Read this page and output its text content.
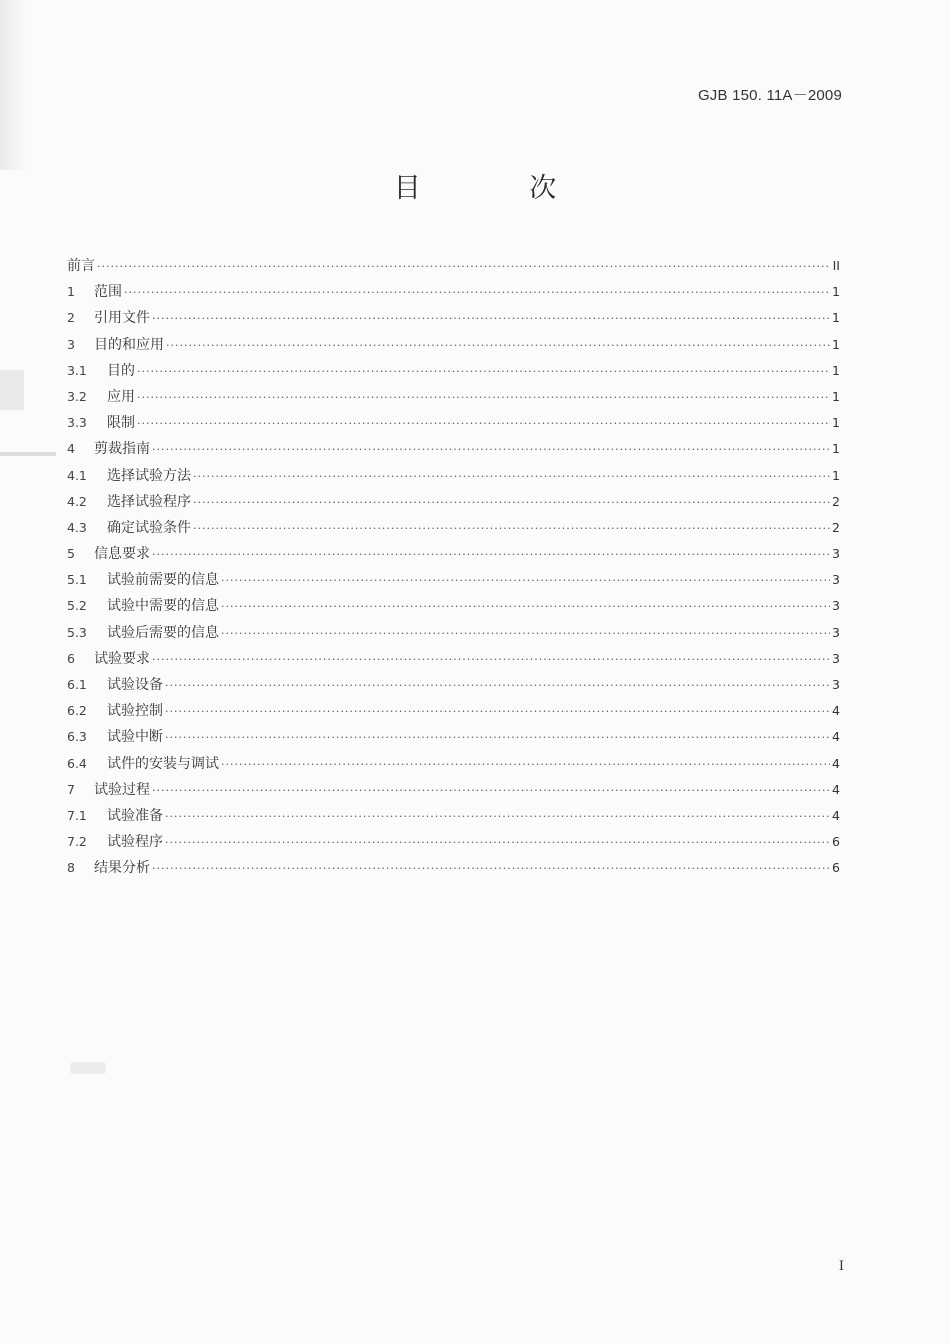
GJB 150. 11A－2009
目 次
前言 ·····	II
1	范围 ·····	1
2	引用文件 ·····	1
3	目的和应用 ·····	1
3.1	目的 ·····	1
3.2	应用 ·····	1
3.3	限制 ·····	1
4	剪裁指南 ·····	1
4.1	选择试验方法 ·····	1
4.2	选择试验程序 ·····	2
4.3	确定试验条件 ·····	2
5	信息要求 ·····	3
5.1	试验前需要的信息 ·····	3
5.2	试验中需要的信息 ·····	3
5.3	试验后需要的信息 ·····	3
6	试验要求 ·····	3
6.1	试验设备 ·····	3
6.2	试验控制 ·····	4
6.3	试验中断 ·····	4
6.4	试件的安装与调试 ·····	4
7	试验过程 ·····	4
7.1	试验准备 ·····	4
7.2	试验程序 ·····	6
8	结果分析 ·····	6
I
